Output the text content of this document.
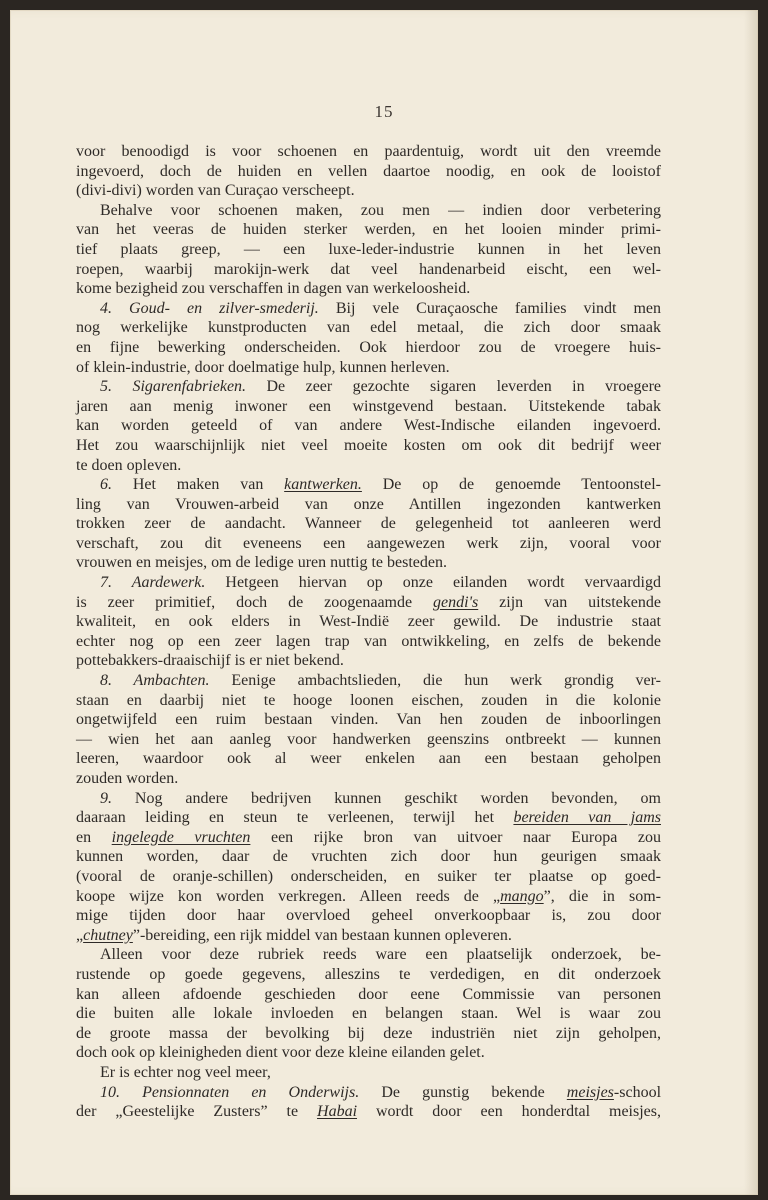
15
voor benoodigd is voor schoenen en paardentuig, wordt uit den vreemde
ingevoerd, doch de huiden en vellen daartoe noodig, en ook de looistof
(divi-divi) worden van Curaçao verscheept.
Behalve voor schoenen maken, zou men — indien door verbetering
van het veeras de huiden sterker werden, en het looien minder primi-
tief plaats greep, — een luxe-leder-industrie kunnen in het leven
roepen, waarbij marokijn-werk dat veel handenarbeid eischt, een wel-
kome bezigheid zou verschaffen in dagen van werkeloosheid.
4. Goud- en zilver-smederij. Bij vele Curaçaosche families vindt men
nog werkelijke kunstproducten van edel metaal, die zich door smaak
en fijne bewerking onderscheiden. Ook hierdoor zou de vroegere huis-
of klein-industrie, door doelmatige hulp, kunnen herleven.
5. Sigarenfabrieken. De zeer gezochte sigaren leverden in vroegere
jaren aan menig inwoner een winstgevend bestaan. Uitstekende tabak
kan worden geteeld of van andere West-Indische eilanden ingevoerd.
Het zou waarschijnlijk niet veel moeite kosten om ook dit bedrijf weer
te doen opleven.
6. Het maken van kantwerken. De op de genoemde Tentoonstel-
ling van Vrouwen-arbeid van onze Antillen ingezonden kantwerken
trokken zeer de aandacht. Wanneer de gelegenheid tot aanleeren werd
verschaft, zou dit eveneens een aangewezen werk zijn, vooral voor
vrouwen en meisjes, om de ledige uren nuttig te besteden.
7. Aardewerk. Hetgeen hiervan op onze eilanden wordt vervaardigd
is zeer primitief, doch de zoogenaamde gendi's zijn van uitstekende
kwaliteit, en ook elders in West-Indië zeer gewild. De industrie staat
echter nog op een zeer lagen trap van ontwikkeling, en zelfs de bekende
pottebakkers-draaischijf is er niet bekend.
8. Ambachten. Eenige ambachtslieden, die hun werk grondig ver-
staan en daarbij niet te hooge loonen eischen, zouden in die kolonie
ongetwijfeld een ruim bestaan vinden. Van hen zouden de inboorlingen
— wien het aan aanleg voor handwerken geenszins ontbreekt — kunnen
leeren, waardoor ook al weer enkelen aan een bestaan geholpen
zouden worden.
9. Nog andere bedrijven kunnen geschikt worden bevonden, om
daaraan leiding en steun te verleenen, terwijl het bereiden van jams
en ingelegde vruchten een rijke bron van uitvoer naar Europa zou
kunnen worden, daar de vruchten zich door hun geurigen smaak
(vooral de oranje-schillen) onderscheiden, en suiker ter plaatse op goed-
koope wijze kon worden verkregen. Alleen reeds de „mango”, die in som-
mige tijden door haar overvloed geheel onverkoopbaar is, zou door
„chutney”-bereiding, een rijk middel van bestaan kunnen opleveren.
Alleen voor deze rubriek reeds ware een plaatselijk onderzoek, be-
rustende op goede gegevens, alleszins te verdedigen, en dit onderzoek
kan alleen afdoende geschieden door eene Commissie van personen
die buiten alle lokale invloeden en belangen staan. Wel is waar zou
de groote massa der bevolking bij deze industriën niet zijn geholpen,
doch ook op kleinigheden dient voor deze kleine eilanden gelet.
Er is echter nog veel meer,
10. Pensionnaten en Onderwijs. De gunstig bekende meisjes-school
der „Geestelijke Zusters” te Habai wordt door een honderdtal meisjes,
